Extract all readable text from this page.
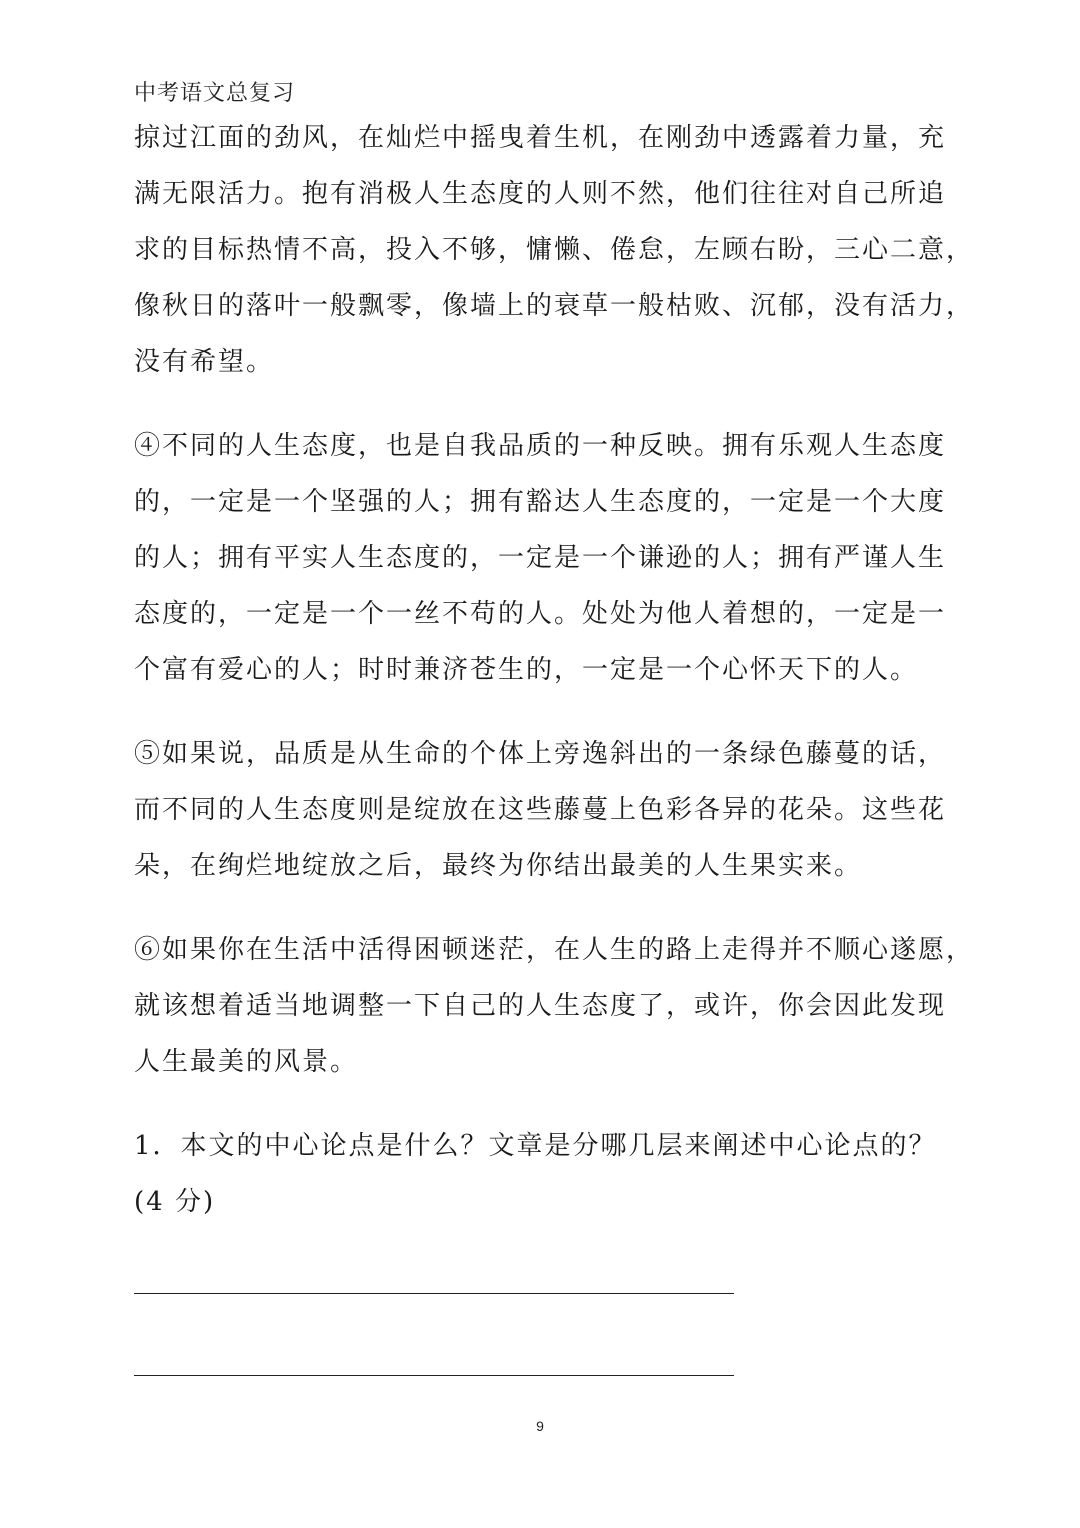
中考语文总复习

掠过江面的劲风，在灿烂中摇曳着生机，在刚劲中透露着力量，充
满无限活力。抱有消极人生态度的人则不然，他们往往对自己所追
求的目标热情不高，投入不够，慵懒、倦怠，左顾右盼，三心二意，
像秋日的落叶一般飘零，像墙上的衰草一般枯败、沉郁，没有活力，
没有希望。

④不同的人生态度，也是自我品质的一种反映。拥有乐观人生态度
的，一定是一个坚强的人；拥有豁达人生态度的，一定是一个大度
的人；拥有平实人生态度的，一定是一个谦逊的人；拥有严谨人生
态度的，一定是一个一丝不苟的人。处处为他人着想的，一定是一
个富有爱心的人；时时兼济苍生的，一定是一个心怀天下的人。

⑤如果说，品质是从生命的个体上旁逸斜出的一条绿色藤蔓的话，
而不同的人生态度则是绽放在这些藤蔓上色彩各异的花朵。这些花
朵，在绚烂地绽放之后，最终为你结出最美的人生果实来。

⑥如果你在生活中活得困顿迷茫，在人生的路上走得并不顺心遂愿，
就该想着适当地调整一下自己的人生态度了，或许，你会因此发现
人生最美的风景。

1．本文的中心论点是什么？文章是分哪几层来阐述中心论点的？
(4 分)

9
